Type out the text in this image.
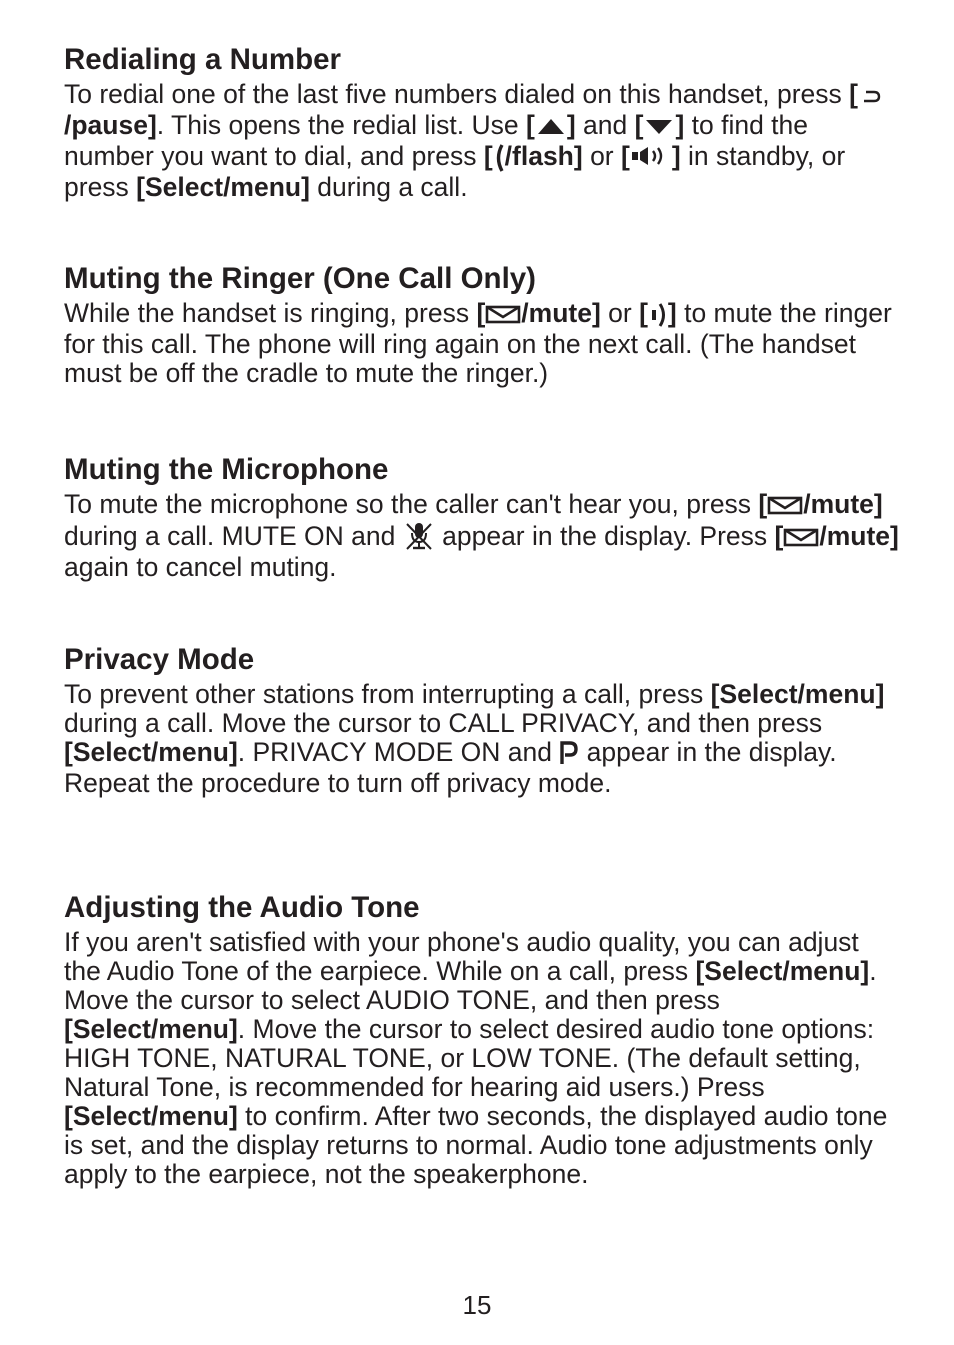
Redialing a Number

To redial one of the last five numbers dialed on this handset, press [/pause]. This opens the redial list. Use [ ] and [ ] to find the number you want to dial, and press [ /flash] or [ ] in standby, or press [Select/menu] during a call.

Muting the Ringer (One Call Only)

While the handset is ringing, press [ /mute] or [ ] to mute the ringer for this call. The phone will ring again on the next call. (The handset must be off the cradle to mute the ringer.)

Muting the Microphone

To mute the microphone so the caller can't hear you, press [ /mute] during a call. MUTE ON and  appear in the display. Press [ /mute] again to cancel muting.

Privacy Mode

To prevent other stations from interrupting a call, press [Select/menu] during a call. Move the cursor to CALL PRIVACY, and then press [Select/menu]. PRIVACY MODE ON and  appear in the display. Repeat the procedure to turn off privacy mode.

Adjusting the Audio Tone

If you aren't satisfied with your phone's audio quality, you can adjust the Audio Tone of the earpiece. While on a call, press [Select/menu]. Move the cursor to select AUDIO TONE, and then press [Select/menu]. Move the cursor to select desired audio tone options: HIGH TONE, NATURAL TONE, or LOW TONE. (The default setting, Natural Tone, is recommended for hearing aid users.) Press [Select/menu] to confirm. After two seconds, the displayed audio tone is set, and the display returns to normal. Audio tone adjustments only apply to the earpiece, not the speakerphone.

15
